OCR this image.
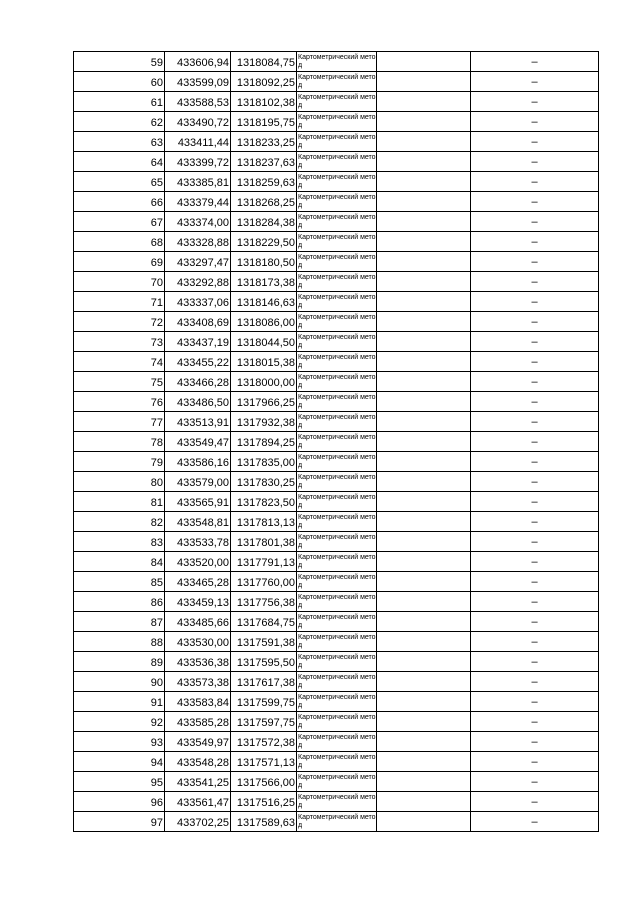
59	433606,94	1318084,75	Картометрический метод		–
60	433599,09	1318092,25	Картометрический метод		–
61	433588,53	1318102,38	Картометрический метод		–
62	433490,72	1318195,75	Картометрический метод		–
63	433411,44	1318233,25	Картометрический метод		–
64	433399,72	1318237,63	Картометрический метод		–
65	433385,81	1318259,63	Картометрический метод		–
66	433379,44	1318268,25	Картометрический метод		–
67	433374,00	1318284,38	Картометрический метод		–
68	433328,88	1318229,50	Картометрический метод		–
69	433297,47	1318180,50	Картометрический метод		–
70	433292,88	1318173,38	Картометрический метод		–
71	433337,06	1318146,63	Картометрический метод		–
72	433408,69	1318086,00	Картометрический метод		–
73	433437,19	1318044,50	Картометрический метод		–
74	433455,22	1318015,38	Картометрический метод		–
75	433466,28	1318000,00	Картометрический метод		–
76	433486,50	1317966,25	Картометрический метод		–
77	433513,91	1317932,38	Картометрический метод		–
78	433549,47	1317894,25	Картометрический метод		–
79	433586,16	1317835,00	Картометрический метод		–
80	433579,00	1317830,25	Картометрический метод		–
81	433565,91	1317823,50	Картометрический метод		–
82	433548,81	1317813,13	Картометрический метод		–
83	433533,78	1317801,38	Картометрический метод		–
84	433520,00	1317791,13	Картометрический метод		–
85	433465,28	1317760,00	Картометрический метод		–
86	433459,13	1317756,38	Картометрический метод		–
87	433485,66	1317684,75	Картометрический метод		–
88	433530,00	1317591,38	Картометрический метод		–
89	433536,38	1317595,50	Картометрический метод		–
90	433573,38	1317617,38	Картометрический метод		–
91	433583,84	1317599,75	Картометрический метод		–
92	433585,28	1317597,75	Картометрический метод		–
93	433549,97	1317572,38	Картометрический метод		–
94	433548,28	1317571,13	Картометрический метод		–
95	433541,25	1317566,00	Картометрический метод		–
96	433561,47	1317516,25	Картометрический метод		–
97	433702,25	1317589,63	Картометрический метод		–
